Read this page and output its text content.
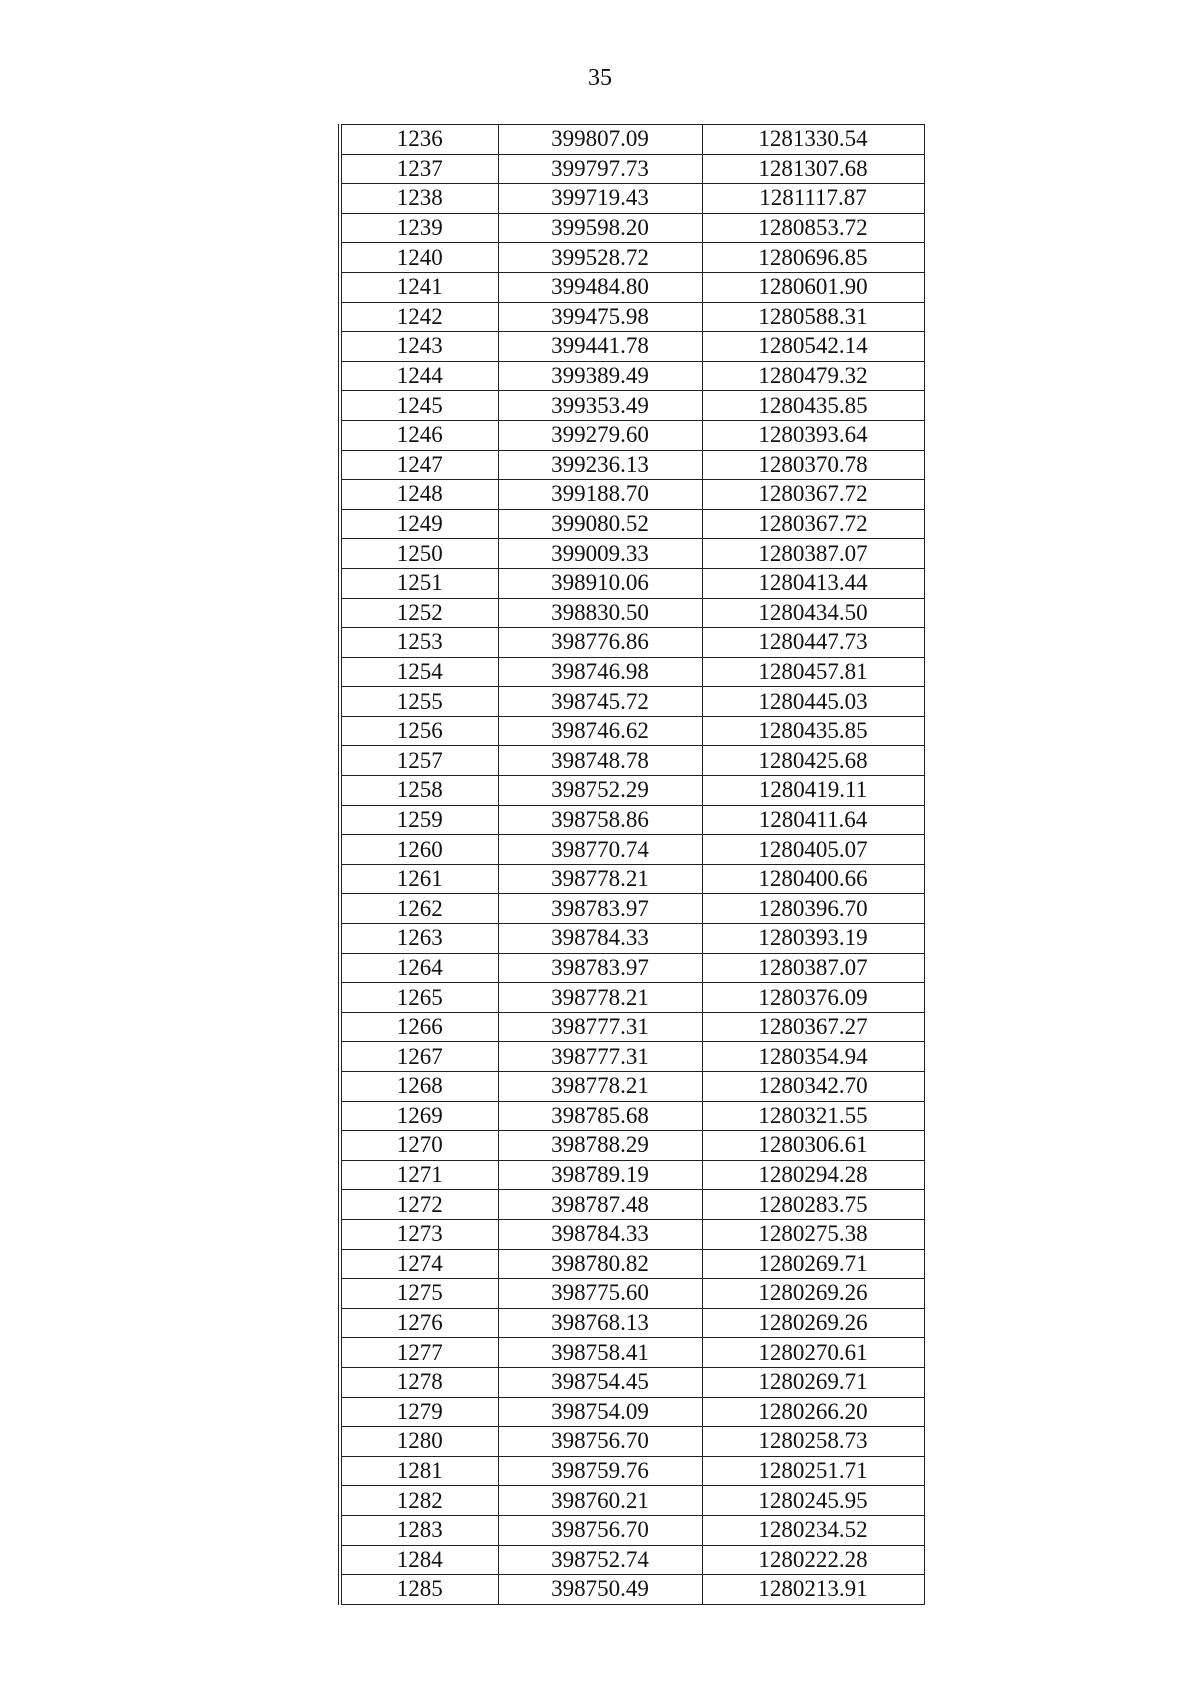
35
1236	399807.09	1281330.54
1237	399797.73	1281307.68
1238	399719.43	1281117.87
1239	399598.20	1280853.72
1240	399528.72	1280696.85
1241	399484.80	1280601.90
1242	399475.98	1280588.31
1243	399441.78	1280542.14
1244	399389.49	1280479.32
1245	399353.49	1280435.85
1246	399279.60	1280393.64
1247	399236.13	1280370.78
1248	399188.70	1280367.72
1249	399080.52	1280367.72
1250	399009.33	1280387.07
1251	398910.06	1280413.44
1252	398830.50	1280434.50
1253	398776.86	1280447.73
1254	398746.98	1280457.81
1255	398745.72	1280445.03
1256	398746.62	1280435.85
1257	398748.78	1280425.68
1258	398752.29	1280419.11
1259	398758.86	1280411.64
1260	398770.74	1280405.07
1261	398778.21	1280400.66
1262	398783.97	1280396.70
1263	398784.33	1280393.19
1264	398783.97	1280387.07
1265	398778.21	1280376.09
1266	398777.31	1280367.27
1267	398777.31	1280354.94
1268	398778.21	1280342.70
1269	398785.68	1280321.55
1270	398788.29	1280306.61
1271	398789.19	1280294.28
1272	398787.48	1280283.75
1273	398784.33	1280275.38
1274	398780.82	1280269.71
1275	398775.60	1280269.26
1276	398768.13	1280269.26
1277	398758.41	1280270.61
1278	398754.45	1280269.71
1279	398754.09	1280266.20
1280	398756.70	1280258.73
1281	398759.76	1280251.71
1282	398760.21	1280245.95
1283	398756.70	1280234.52
1284	398752.74	1280222.28
1285	398750.49	1280213.91
